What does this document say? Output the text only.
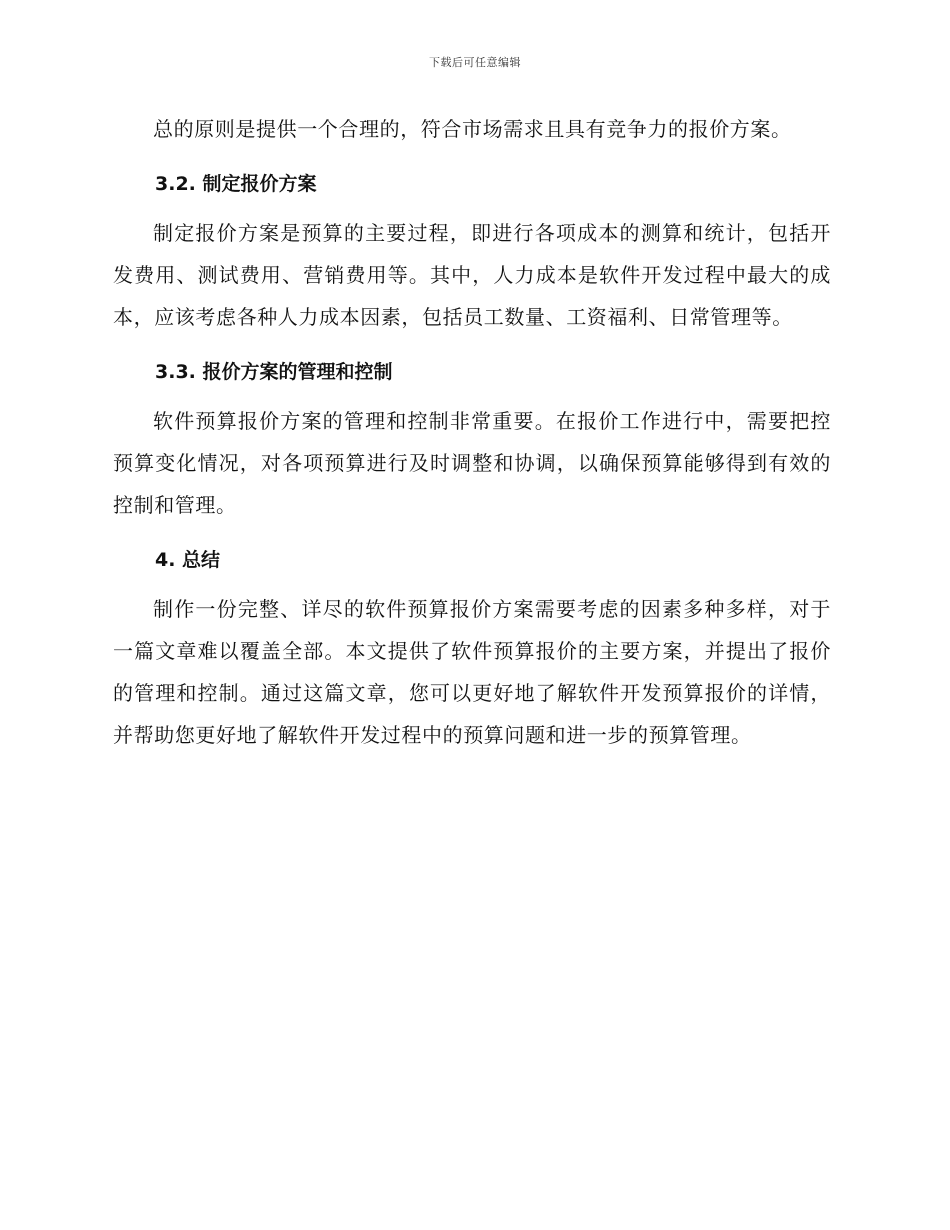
下载后可任意编辑

总的原则是提供一个合理的，符合市场需求且具有竞争力的报价方案。

3.2. 制定报价方案

制定报价方案是预算的主要过程，即进行各项成本的测算和统计，包括开发费用、测试费用、营销费用等。其中，人力成本是软件开发过程中最大的成本，应该考虑各种人力成本因素，包括员工数量、工资福利、日常管理等。

3.3. 报价方案的管理和控制

软件预算报价方案的管理和控制非常重要。在报价工作进行中，需要把控预算变化情况，对各项预算进行及时调整和协调，以确保预算能够得到有效的控制和管理。

4. 总结

制作一份完整、详尽的软件预算报价方案需要考虑的因素多种多样，对于一篇文章难以覆盖全部。本文提供了软件预算报价的主要方案，并提出了报价的管理和控制。通过这篇文章，您可以更好地了解软件开发预算报价的详情，并帮助您更好地了解软件开发过程中的预算问题和进一步的预算管理。
